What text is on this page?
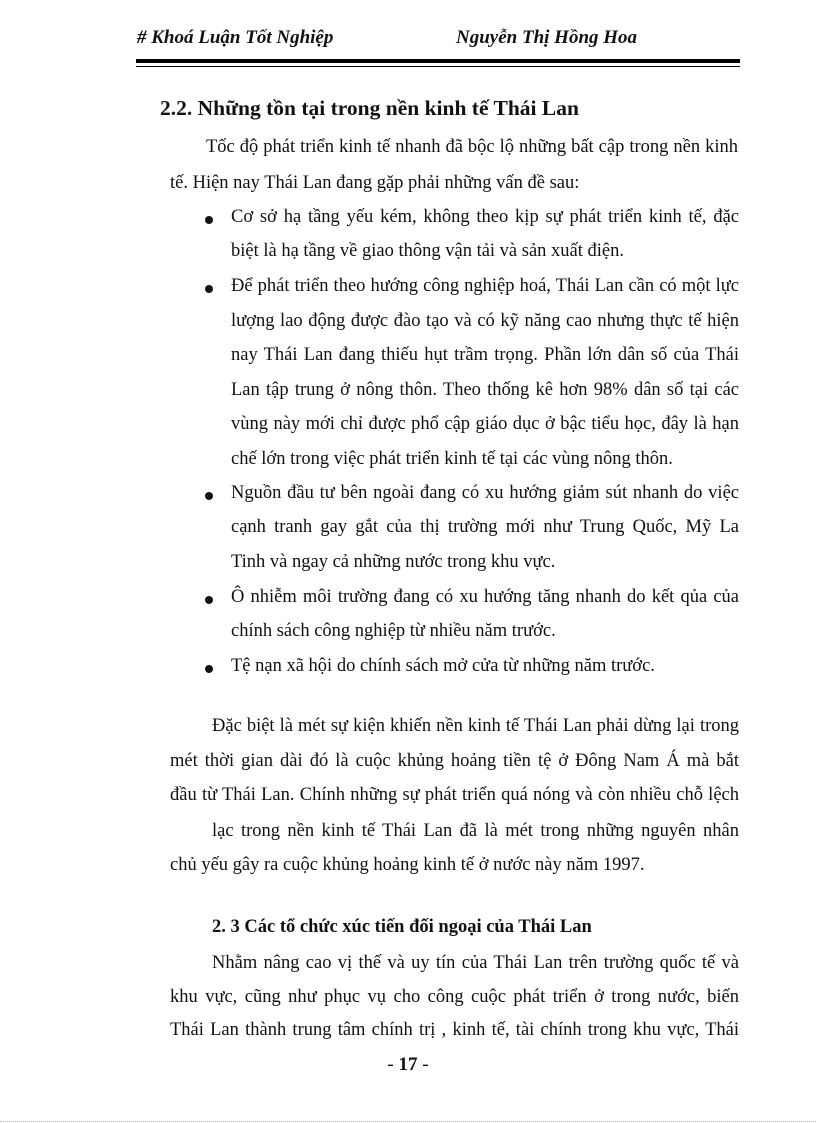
# Khoá Luận Tốt Nghiệp	Nguyễn Thị Hồng Hoa
2.2. Những tồn tại trong nền kinh tế Thái Lan
Tốc độ phát triển kinh tế nhanh đã bộc lộ những bất cập trong nền kinh
tế. Hiện nay Thái Lan đang gặp phải những vấn đề sau:
Cơ sở hạ tầng yếu kém, không theo kịp sự phát triển kinh tế, đặc
biệt là hạ tầng về giao thông vận tải và sản xuất điện.
Để phát triển theo hướng công nghiệp hoá, Thái Lan cần có một lực
lượng lao động được đào tạo và có kỹ năng cao nhưng thực tế hiện
nay Thái Lan đang thiếu hụt trầm trọng. Phần lớn dân số của Thái
Lan tập trung ở nông thôn. Theo thống kê hơn 98% dân số tại các
vùng này mới chỉ được phổ cập giáo dục ở bậc tiểu học, đây là hạn
chế lớn trong việc phát triển kinh tế tại các vùng nông thôn.
Nguồn đầu tư bên ngoài đang có xu hướng giảm sút nhanh do việc
cạnh tranh gay gắt của thị trường mới như Trung Quốc, Mỹ La
Tinh và ngay cả những nước trong khu vực.
Ô nhiễm môi trường đang có xu hướng tăng nhanh do kết qủa của
chính sách công nghiệp từ nhiều năm trước.
Tệ nạn xã hội do chính sách mở cửa từ những năm trước.
Đặc biệt là mét sự kiện khiến nền kinh tế Thái Lan phải dừng lại trong
mét thời gian dài đó là cuộc khủng hoảng tiền tệ ở Đông Nam Á mà bắt
đầu từ Thái Lan. Chính những sự phát triển quá nóng và còn nhiều chỗ lệch
lạc trong nền kinh tế Thái Lan đã là mét trong những nguyên nhân
chủ yếu gây ra cuộc khủng hoảng kinh tế ở nước này năm 1997.
2. 3 Các tổ chức xúc tiến đối ngoại của Thái Lan
Nhằm nâng cao vị thế và uy tín của Thái Lan trên trường quốc tế và
khu vực, cũng như phục vụ cho công cuộc phát triển ở trong nước, biến
Thái Lan thành trung tâm chính trị , kinh tế, tài chính trong khu vực, Thái
- 17 -
